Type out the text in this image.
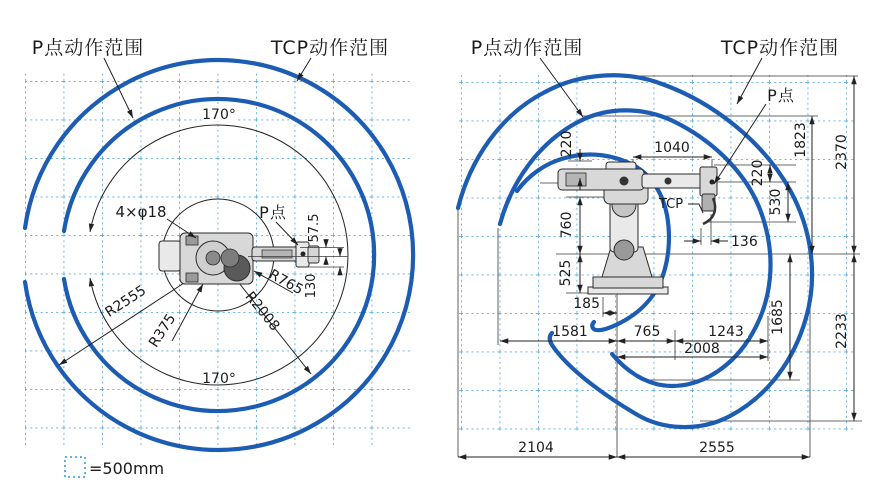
P点动作范围	TCP动作范围
170°
170°
4×φ18	P点
57.5
130
R765
R2555
R375	R2008
P点动作范围	TCP动作范围
P点
TCP
1040
220
760
525
185
136
220
530
1823 2370
1685	2233
1581	765	1243
2008
2104	2555
=500mm
